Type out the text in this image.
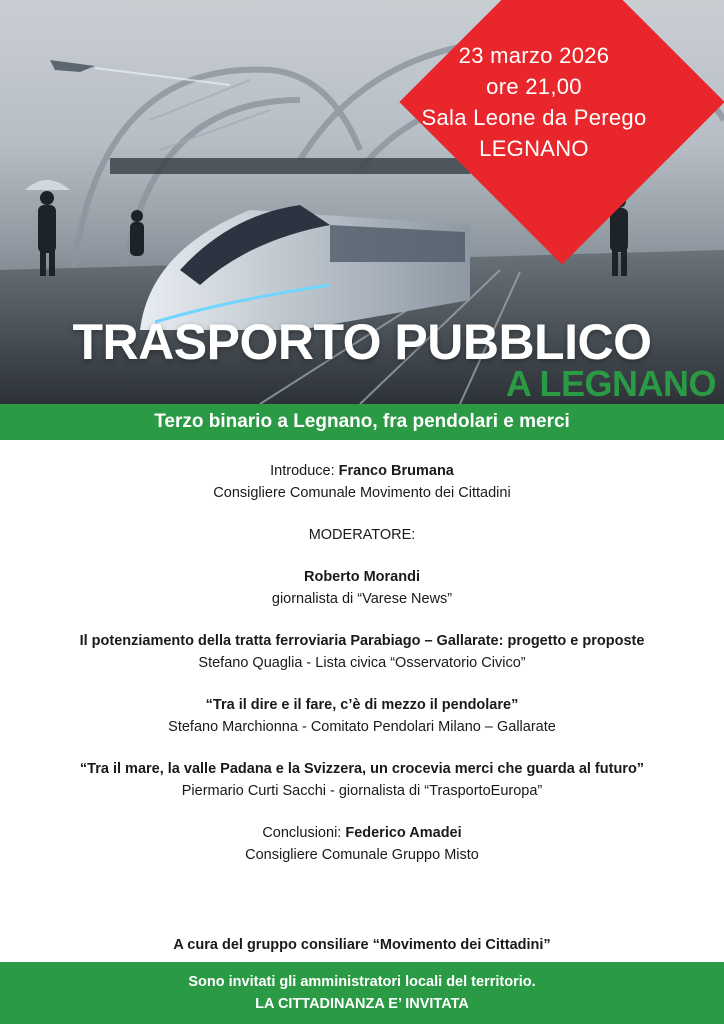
23 marzo 2026
ore 21,00
Sala Leone da Perego
LEGNANO
TRASPORTO PUBBLICO
A LEGNANO
Terzo binario a Legnano, fra pendolari e merci
Introduce: Franco Brumana
Consigliere Comunale Movimento dei Cittadini
MODERATORE:
Roberto Morandi
giornalista di “Varese News”
Il potenziamento della tratta ferroviaria Parabiago – Gallarate: progetto e proposte
Stefano Quaglia - Lista civica “Osservatorio Civico”
“Tra il dire e il fare, c’è di mezzo il pendolare”
Stefano Marchionna - Comitato Pendolari Milano – Gallarate
“Tra il mare, la valle Padana e la Svizzera, un crocevia merci che guarda al futuro”
Piermario Curti Sacchi - giornalista di “TrasportoEuropa”
Conclusioni: Federico Amadei
Consigliere Comunale Gruppo Misto
A cura del gruppo consiliare “Movimento dei Cittadini”
Sono invitati gli amministratori locali del territorio.
LA CITTADINANZA E’ INVITATA
